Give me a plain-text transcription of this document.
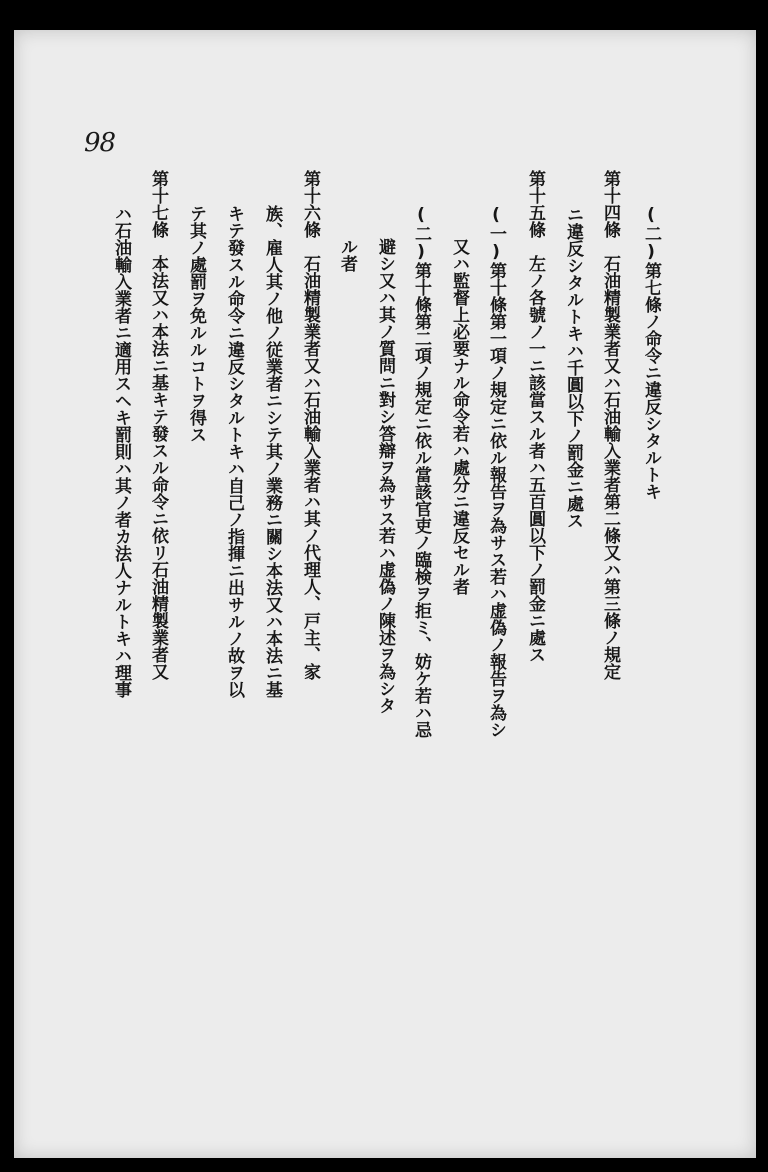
98
(二)第七條ノ命令ニ違反シタルトキ
第十四條　石油精製業者又ハ石油輸入業者第二條又ハ第三條ノ規定
ニ違反シタルトキハ千圓以下ノ罰金ニ處ス
第十五條　左ノ各號ノ一ニ該當スル者ハ五百圓以下ノ罰金ニ處ス
(一)第十條第一項ノ規定ニ依ル報告ヲ為サス若ハ虚偽ノ報告ヲ為シ
又ハ監督上必要ナル命令若ハ處分ニ違反セル者
(二)第十條第二項ノ規定ニ依ル當該官吏ノ臨検ヲ拒ミ、妨ケ若ハ忌
避シ又ハ其ノ質問ニ對シ答辯ヲ為サス若ハ虚偽ノ陳述ヲ為シタ
ル者
第十六條　石油精製業者又ハ石油輸入業者ハ其ノ代理人、戸主、家
族、雇人其ノ他ノ従業者ニシテ其ノ業務ニ關シ本法又ハ本法ニ基
キテ發スル命令ニ違反シタルトキハ自己ノ指揮ニ出サルノ故ヲ以
テ其ノ處罰ヲ免ルルコトヲ得ス
第十七條　本法又ハ本法ニ基キテ發スル命令ニ依リ石油精製業者又
ハ石油輸入業者ニ適用スヘキ罰則ハ其ノ者カ法人ナルトキハ理事
